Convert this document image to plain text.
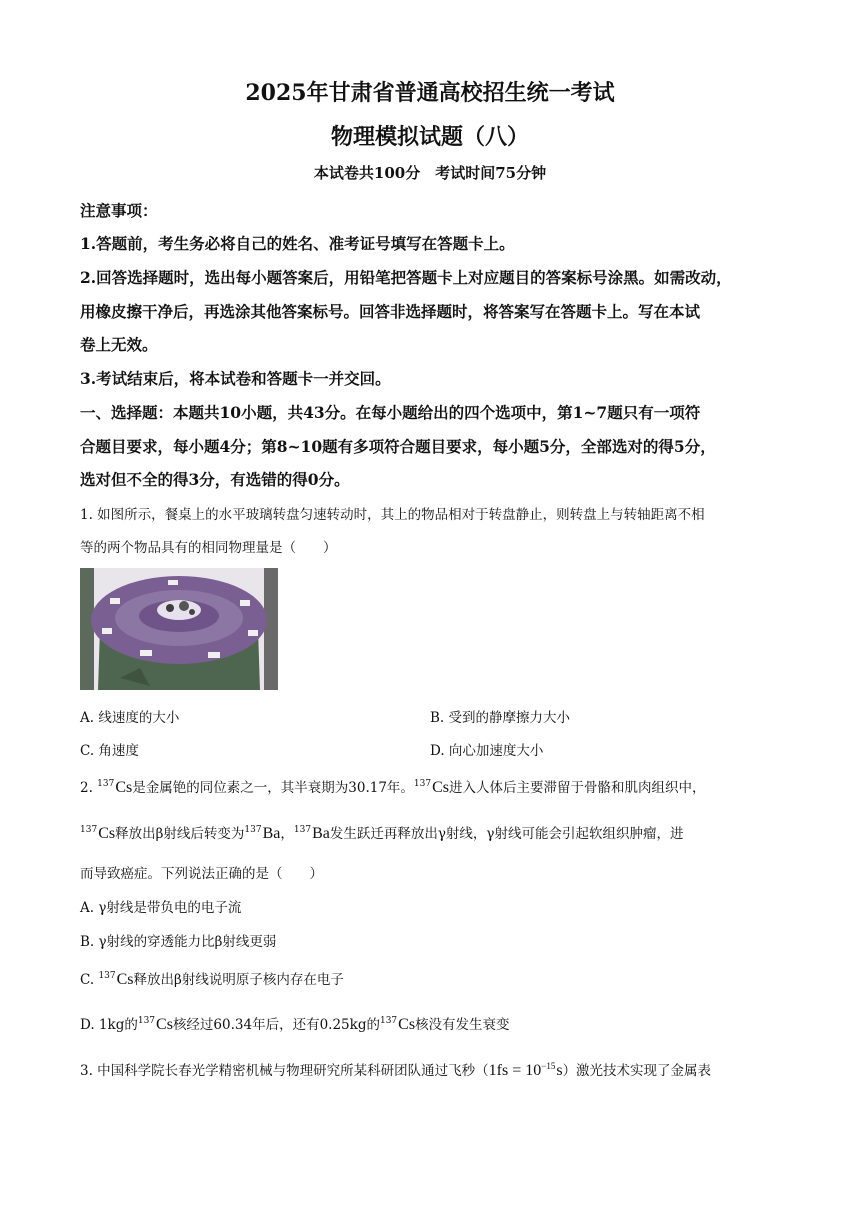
2025年甘肃省普通高校招生统一考试
物理模拟试题（八）
本试卷共100分　考试时间75分钟
注意事项：
1.答题前，考生务必将自己的姓名、准考证号填写在答题卡上。
2.回答选择题时，选出每小题答案后，用铅笔把答题卡上对应题目的答案标号涂黑。如需改动，
用橡皮擦干净后，再选涂其他答案标号。回答非选择题时，将答案写在答题卡上。写在本试
卷上无效。
3.考试结束后，将本试卷和答题卡一并交回。
一、选择题：本题共10小题，共43分。在每小题给出的四个选项中，第1~7题只有一项符
合题目要求，每小题4分；第8~10题有多项符合题目要求，每小题5分，全部选对的得5分，
选对但不全的得3分，有选错的得0分。
1. 如图所示，餐桌上的水平玻璃转盘匀速转动时，其上的物品相对于转盘静止，则转盘上与转轴距离不相
等的两个物品具有的相同物理量是（　　）
A. 线速度的大小	B. 受到的静摩擦力大小
C. 角速度	D. 向心加速度大小
2. $^{137}$Cs是金属铯的同位素之一，其半衰期为30.17年。$^{137}$Cs进入人体后主要滞留于骨骼和肌肉组织中，
$^{137}$Cs释放出β射线后转变为$^{137}$Ba，$^{137}$Ba发生跃迁再释放出γ射线，γ射线可能会引起软组织肿瘤，进
而导致癌症。下列说法正确的是（　　）
A. γ射线是带负电的电子流
B. γ射线的穿透能力比β射线更弱
C. $^{137}$Cs释放出β射线说明原子核内存在电子
D. 1kg的$^{137}$Cs核经过60.34年后，还有0.25kg的$^{137}$Cs核没有发生衰变
3. 中国科学院长春光学精密机械与物理研究所某科研团队通过飞秒$(1fs = 10^{-15}s)$激光技术实现了金属表
